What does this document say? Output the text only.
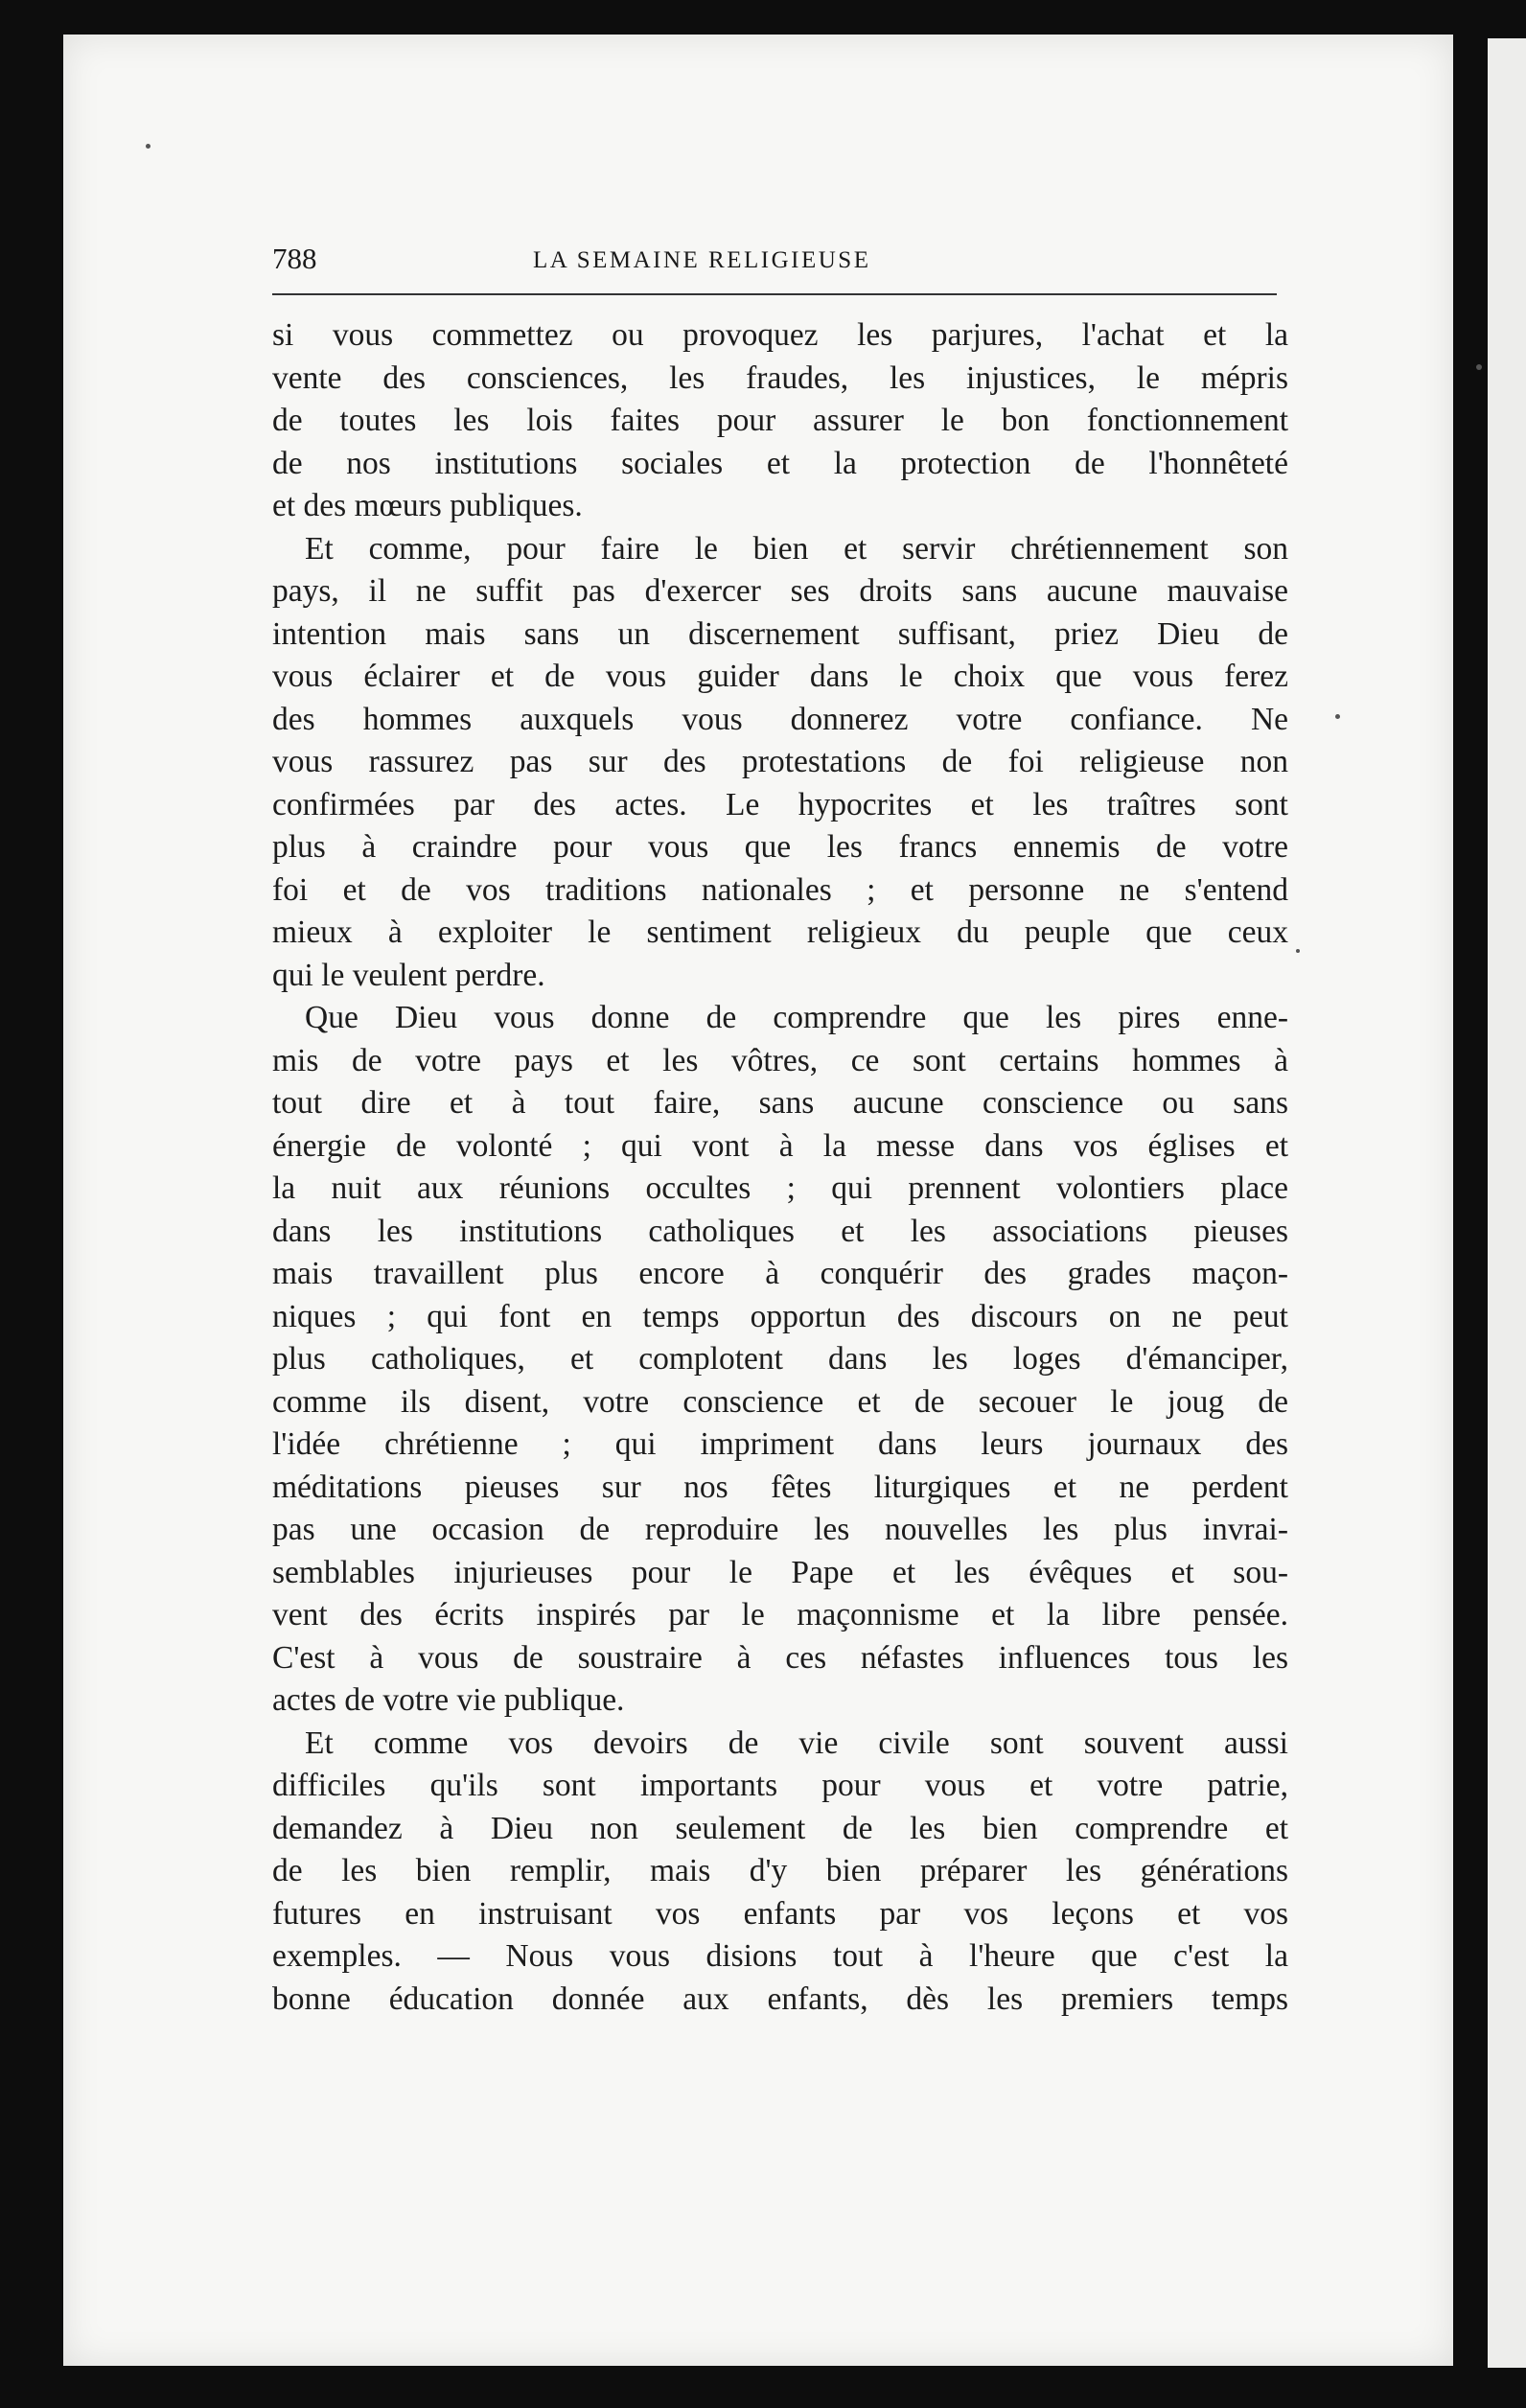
788	LA SEMAINE RELIGIEUSE
si vous commettez ou provoquez les parjures, l'achat et la
vente des consciences, les fraudes, les injustices, le mépris
de toutes les lois faites pour assurer le bon fonctionnement
de nos institutions sociales et la protection de l'honnêteté
et des mœurs publiques.
Et comme, pour faire le bien et servir chrétiennement son
pays, il ne suffit pas d'exercer ses droits sans aucune mauvaise
intention mais sans un discernement suffisant, priez Dieu de
vous éclairer et de vous guider dans le choix que vous ferez
des hommes auxquels vous donnerez votre confiance. Ne
vous rassurez pas sur des protestations de foi religieuse non
confirmées par des actes. Le hypocrites et les traîtres sont
plus à craindre pour vous que les francs ennemis de votre
foi et de vos traditions nationales ; et personne ne s'entend
mieux à exploiter le sentiment religieux du peuple que ceux
qui le veulent perdre.
Que Dieu vous donne de comprendre que les pires enne-
mis de votre pays et les vôtres, ce sont certains hommes à
tout dire et à tout faire, sans aucune conscience ou sans
énergie de volonté ; qui vont à la messe dans vos églises et
la nuit aux réunions occultes ; qui prennent volontiers place
dans les institutions catholiques et les associations pieuses
mais travaillent plus encore à conquérir des grades maçon-
niques ; qui font en temps opportun des discours on ne peut
plus catholiques, et complotent dans les loges d'émanciper,
comme ils disent, votre conscience et de secouer le joug de
l'idée chrétienne ; qui impriment dans leurs journaux des
méditations pieuses sur nos fêtes liturgiques et ne perdent
pas une occasion de reproduire les nouvelles les plus invrai-
semblables injurieuses pour le Pape et les évêques et sou-
vent des écrits inspirés par le maçonnisme et la libre pensée.
C'est à vous de soustraire à ces néfastes influences tous les
actes de votre vie publique.
Et comme vos devoirs de vie civile sont souvent aussi
difficiles qu'ils sont importants pour vous et votre patrie,
demandez à Dieu non seulement de les bien comprendre et
de les bien remplir, mais d'y bien préparer les générations
futures en instruisant vos enfants par vos leçons et vos
exemples. — Nous vous disions tout à l'heure que c'est la
bonne éducation donnée aux enfants, dès les premiers temps
